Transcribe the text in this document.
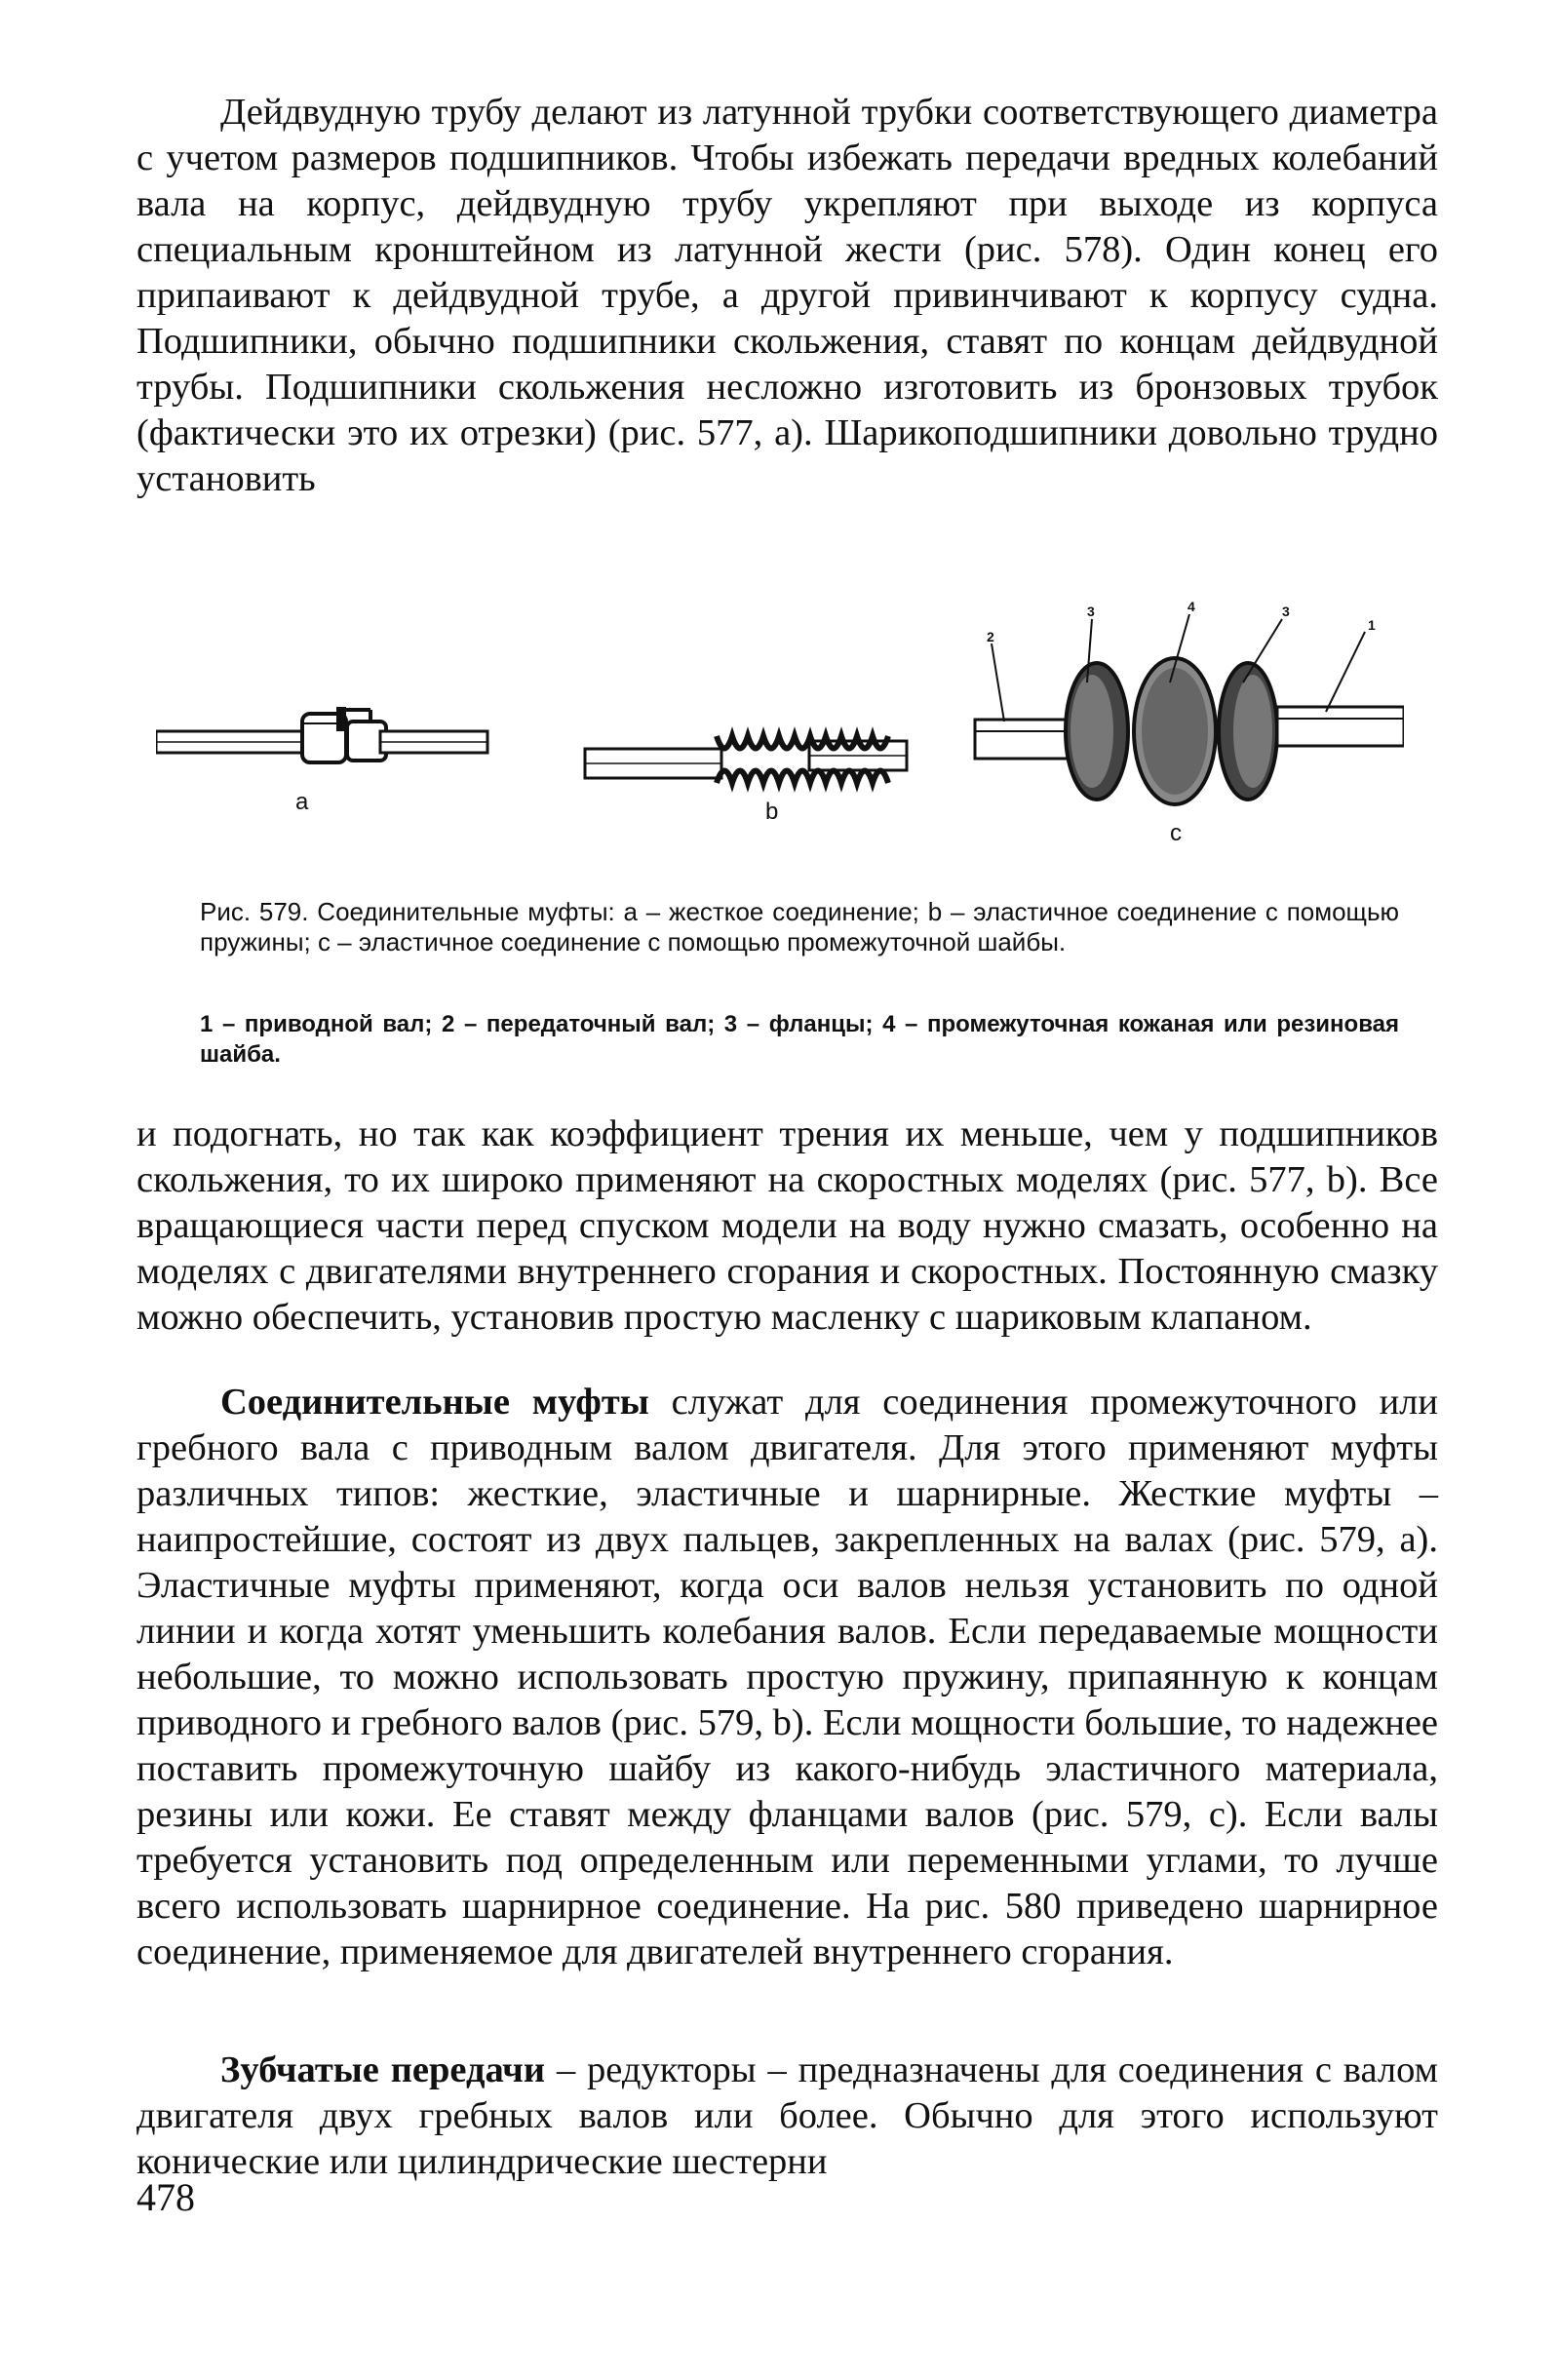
Дейдвудную трубу делают из латунной трубки соответствующего диаметра с учетом размеров подшипников. Чтобы избежать передачи вредных колебаний вала на корпус, дейдвудную трубу укрепляют при выходе из корпуса специальным кронштейном из латунной жести (рис. 578). Один конец его припаивают к дейдвудной трубе, а другой привинчивают к корпусу судна. Подшипники, обычно подшипники скольжения, ставят по концам дейдвудной трубы. Подшипники скольжения несложно изготовить из бронзовых трубок (фактически это их отрезки) (рис. 577, а). Шарикоподшипники довольно трудно установить

2
3	4	3
1
a	b
c

Рис. 579. Соединительные муфты: а – жесткое соединение; b – эластичное соединение с помощью пружины; с – эластичное соединение с помощью промежуточной шайбы.

1 – приводной вал; 2 – передаточный вал; 3 – фланцы; 4 – промежуточная кожаная или резиновая шайба.

и подогнать, но так как коэффициент трения их меньше, чем у подшипников скольжения, то их широко применяют на скоростных моделях (рис. 577, b). Все вращающиеся части перед спуском модели на воду нужно смазать, особенно на моделях с двигателями внутреннего сгорания и скоростных. Постоянную смазку можно обеспечить, установив простую масленку с шариковым клапаном.

Соединительные муфты служат для соединения промежуточного или гребного вала с приводным валом двигателя. Для этого применяют муфты различных типов: жесткие, эластичные и шарнирные. Жесткие муфты – наипростейшие, состоят из двух пальцев, закрепленных на валах (рис. 579, а). Эластичные муфты применяют, когда оси валов нельзя установить по одной линии и когда хотят уменьшить колебания валов. Если передаваемые мощности небольшие, то можно использовать простую пружину, припаянную к концам приводного и гребного валов (рис. 579, b). Если мощности большие, то надежнее поставить промежуточную шайбу из какого-нибудь эластичного материала, резины или кожи. Ее ставят между фланцами валов (рис. 579, с). Если валы требуется установить под определенным или переменными углами, то лучше всего использовать шарнирное соединение. На рис. 580 приведено шарнирное соединение, применяемое для двигателей внутреннего сгорания.

Зубчатые передачи – редукторы – предназначены для соединения с валом двигателя двух гребных валов или более. Обычно для этого используют конические или цилиндрические шестерни

478
